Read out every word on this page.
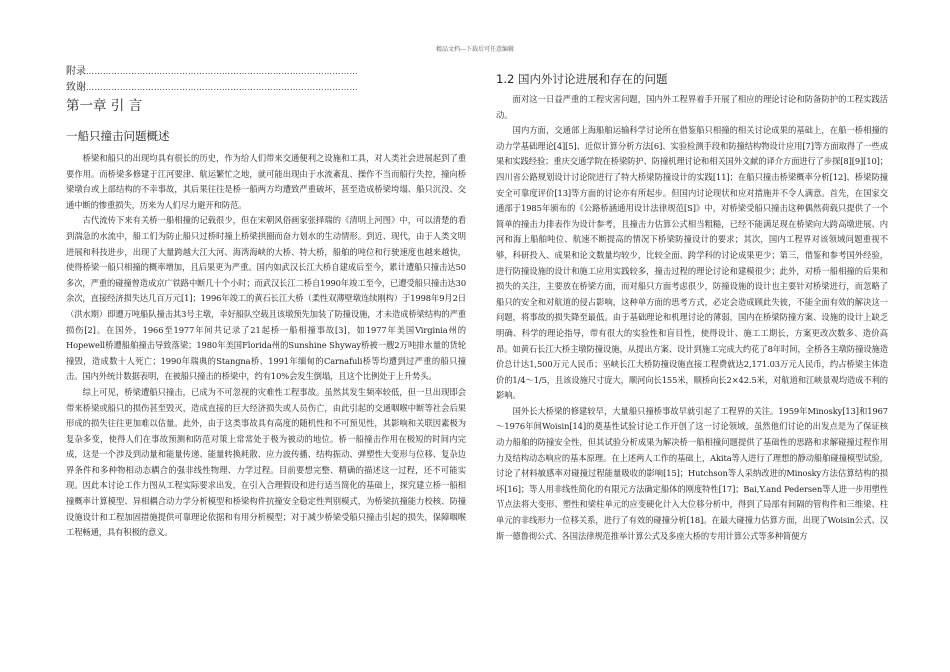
精品文档---下载后可任意编辑
附录 ……………………………………………………………………………………
致谢 ……………………………………………………………………………………
第一章 引 言
一船只撞击问题概述

桥梁和船只的出现均具有很长的历史，作为给人们带来交通便利之设施和工具，对人类社会进展起到了重要作用。而桥梁多修建于江河要津、航运繁忙之地，就可能出现由于水流紊乱、操作不当而船行失控，撞向桥梁墩台或上部结构的不幸事故，其后果往往是桥一船两方均遭致严重破坏，甚至造成桥梁垮塌、船只沉没、交通中断的惨重损失，历来为人们尽力避开和防范。

古代流传下来有关桥一船相撞的记载很少，但在宋朝风俗画家张择瑞的《清明上河图》中，可以清楚的看到湍急的水流中，船工们为防止船只过桥时撞上桥梁拱圈而奋力划水的生动情形。到近、现代，由于人类文明进展和科技进步，出现了大量跨越大江大河、海湾海峡的大桥、特大桥，船舶的吨位和行驶速度也越来越快，使得桥梁一船只相撞的概率增加，且后果更为严重。国内如武汉长江大桥自建成后至今，累计遭船只撞击达50多次，严重的碰撞曾造成京广铁路中断几十个小时；而武汉长江二桥自1990年竣工至今，已遭受船只撞击达30余次，直接经济损失达几百万元[1]；1996年竣工的黄石长江大桥（柔性双薄壁墩连续刚构）于1998年9月2日（洪水期）即遭万吨船队撞击其3号主墩，幸好船队空载且该墩预先加装了防撞设施，才未造成桥梁结构的严重损伤[2]。在国外，1966至1977年间共记录了21起桥一船相撞事故[3]，如1977年美国Virginia州的Hopewell桥遭船舶撞击导致落梁；1980年美国Florida州的Sunshine Shyway桥被一艘2万吨排水量的货轮撞毁，造成数十人死亡；1990年瑞典的Stangna桥、1991年缅甸的Carnafuli桥等均遭到过严重的船只撞击。国内外统计数据表明，在被船只撞击的桥梁中，约有10%会发生倒塌，且这个比例处于上升势头。

综上可见，桥梁遭船只撞击，已成为不可忽视的灾难性工程事故。虽然其发生频率较低，但一旦出现即会带来桥梁或船只的损伤甚至毁灭，造成直接的巨大经济损失或人员伤亡，由此引起的交通咽喉中断等社会后果形成的损失往往更加难以估量。此外，由于这类事故具有高度的随机性和不可预见性，其影响和关联因素极为复杂多变，使得人们在事故预测和防范对策上常常处于极为被动的地位。桥一船撞击作用在极短的时间内完成，这是一个涉及到动量和能量传递、能量转换耗散、应力波传播、结构振动、弹塑性大变形与位移、复杂边界条件和多种物相动态耦合的强非线性物理、力学过程。目前要想完整、精确的描述这一过程，还不可能实现。因此本讨论工作力图从工程实际要求出发，在引入合理假设和进行适当简化的基础上，探究建立桥一船相撞概率计算模型、异相耦合动力学分析模型和桥梁构件抗撞安全稳定性判别模式，为桥梁抗撞能力校核、防撞设施设计和工程加固措施提供可靠理论依据和有用分析模型；对于减少桥梁受船只撞击引起的损失，保障咽喉工程畅通，具有积极的意义。

1.2 国内外讨论进展和存在的问题

面对这一日益严重的工程灾害问题，国内外工程界着手开展了相应的理论讨论和防备防护的工程实践活动。

国内方面，交通部上海船舶运输科学讨论所在借鉴船只相撞的相关讨论成果的基础上，在船一桥相撞的动力学基础理论[4][5]、近似计算分析方法[6]、实验检测手段和防撞结构物设计应用[7]等方面取得了一些成果和实践经验；重庆交通学院在桥梁防护、防撞机理讨论和相关国外文献的译介方面进行了步探[8][9][10]；四川省公路规划设计讨论院进行了特大桥梁防撞设计的实践[11]；在船只撞击桥梁概率分析[12]、桥梁防撞安全可靠度评价[13]等方面的讨论亦有所起步。但国内讨论现状和应对措施并不令人满意。首先，在国家交通部于1985年颁布的《公路桥涵通用设计法律规范[S]》中，对桥梁受船只撞击这种偶然荷载只提供了一个简单的撞击力排表作为设计参考，且撞击力估算公式相当粗糙，已经不能满足现在桥梁向大跨高墩进展、内河和海上船舶吨位、航速不断提高的情况下桥梁防撞设计的要求；其次，国内工程界对该领域问题重视不够，科研投入、成果和论文数量均较少，比较全面、跨学科的讨论成果更少；第三，借鉴和参考国外经验，进行防撞设施的设计和施工应用实践较多，撞击过程的理论讨论和建模很少；此外，对桥一船相撞的后果和损失的关注，主要放在桥梁方面，而对船只方面考虑很少，防撞设施的设计也主要针对桥梁进行，而忽略了船只的安全和对航道的侵占影响，这种单方面的思考方式，必定会造成顾此失彼，不能全面有效的解决这一问题，将事故的损失降至最低。由于基础理论和机理讨论的薄弱，国内在桥梁防撞方案、设施的设计上缺乏明确、科学的理论指导，带有很大的实验性和盲目性，使得设计、施工工期长，方案更改次数多、造价高昂。如黄石长江大桥主墩防撞设施，从提出方案、设计到施工完成大约花了8年时间，全桥各主墩防撞设施造价总计达1,500万元人民币；巫峡长江大桥防撞设施直接工程费就达2,171.03万元人民币，约占桥梁主体造价的1/4～1/5，且该设施尺寸庞大，顺河向长155米，顺桥向长2×42.5米，对航道和江峡景观均造成不利的影响。

国外长大桥梁的修建较早，大量船只撞桥事故早就引起了工程界的关注。1959年Minosky[13]和1967～1976年间Woisin[14]的奠基性试验讨论工作开创了这一讨论领域，虽然他们讨论的出发点是为了保证核动力船舶的防撞安全性，但其试验分析成果为解决桥一船相撞问题提供了基础性的思路和求解碰撞过程作用力及结构动态响应的基本原理。在上述两人工作的基础上，Akita等人进行了理想的静动船舶碰撞模型试验，讨论了材料敏感率对碰撞过程能量吸收的影响[15]；Hutchson等人采纳改进的Minosky方法估算结构的损坏[16]；等人用非线性简化的有限元方法确定船体的刚度特性[17]；Bai,Y.and Pedersen等人进一步用塑性节点法将大变形、塑性和梁柱单元的应变硬化计入大位移分析中，得到了局部有间隔的管构件和三维梁、柱单元的非线形力一位移关系，进行了有效的碰撞分析[18]。在最大碰撞力估算方面，出现了Woisin公式、汉斯一德鲁彻公式、各国法律规范推举计算公式及多座大桥的专用计算公式等多种简便方
